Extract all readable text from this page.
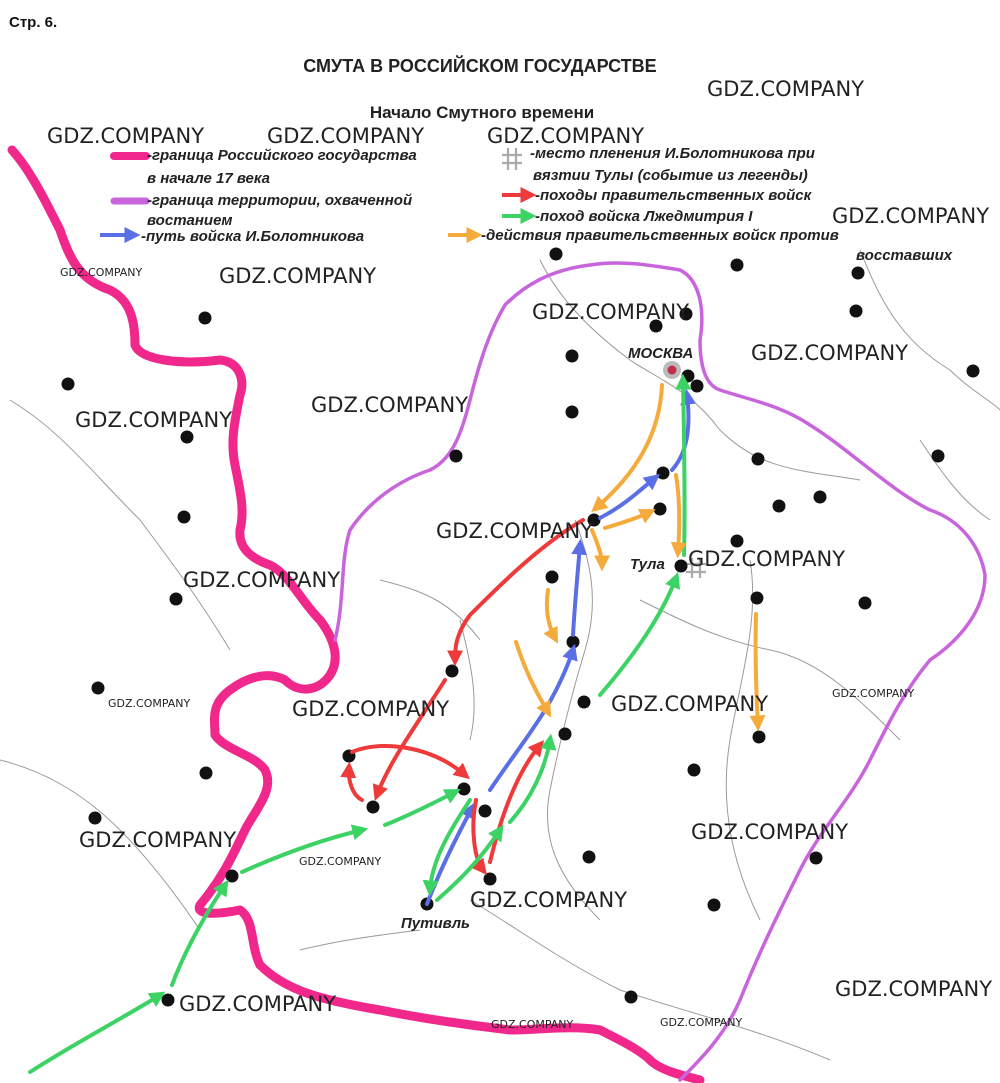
Стр. 6.
СМУТА В РОССИЙСКОМ ГОСУДАРСТВЕ
Начало Смутного времени
-граница Российского государства
в начале 17 века
-граница территории, охваченной
востанием
-путь войска И.Болотникова
-место пленения И.Болотникова при
вязтии Тулы (событие из легенды)
-походы правительственных войск
-поход войска Лжедмитрия I
-действия правительственных войск против
восставших
МОСКВА
Тула
Путивль
GDZ.COMPANY
GDZ.COMPANY	GDZ.COMPANY	GDZ.COMPANY
GDZ.COMPANY
GDZ.COMPANY	GDZ.COMPANY
GDZ.COMPANY
GDZ.COMPANY
GDZ.COMPANY
GDZ.COMPANY
GDZ.COMPANY
GDZ.COMPANY
GDZ.COMPANY
GDZ.COMPANY
GDZ.COMPANY	GDZ.COMPANY
GDZ.COMPANY
GDZ.COMPANY
GDZ.COMPANY
GDZ.COMPANY
GDZ.COMPANY
GDZ.COMPANY
GDZ.COMPANY
GDZ.COMPANY	GDZ.COMPANY
